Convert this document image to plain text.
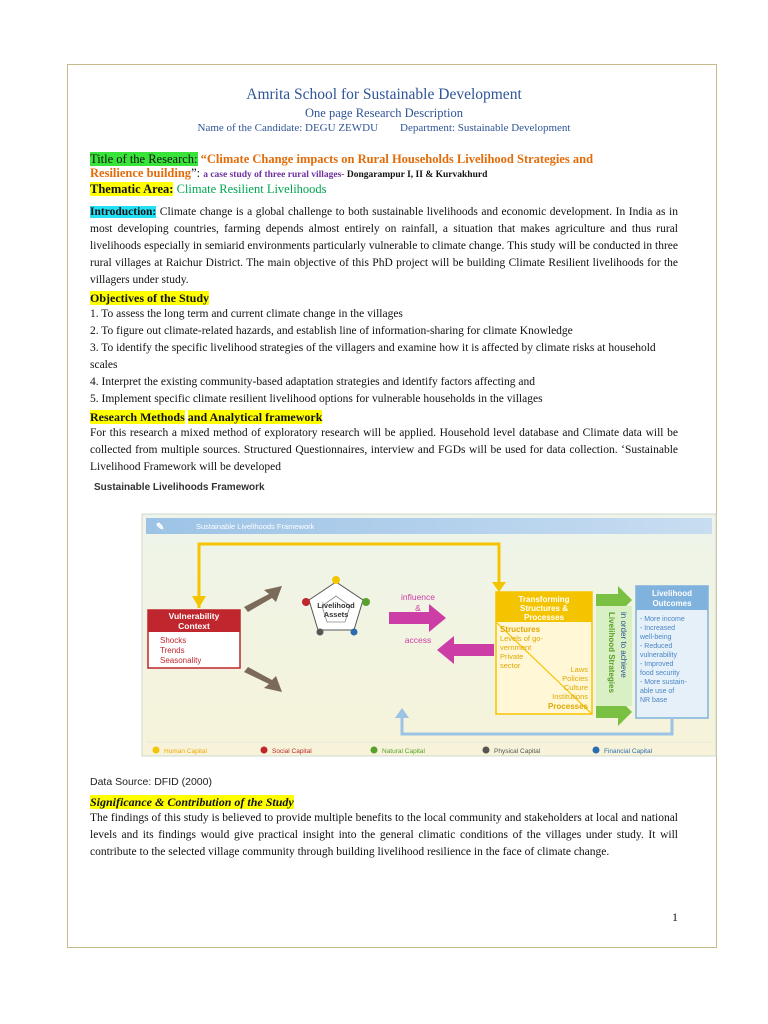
Amrita School for Sustainable Development
One page Research Description
Name of the Candidate: DEGU ZEWDU Department: Sustainable Development
Title of the Research: “Climate Change impacts on Rural Households Livelihood Strategies and
Resilience building”: a case study of three rural villages- Dongarampur I, II & Kurvakhurd
Thematic Area: Climate Resilient Livelihoods

Introduction: Climate change is a global challenge to both sustainable livelihoods and economic development. In India as in most developing countries, farming depends almost entirely on rainfall, a situation that makes agriculture and thus rural livelihoods especially in semiarid environments particularly vulnerable to climate change. This study will be conducted in three rural villages at Raichur District. The main objective of this PhD project will be building Climate Resilient livelihoods for the villagers under study.

Objectives of the Study
1. To assess the long term and current climate change in the villages
2. To figure out climate-related hazards, and establish line of information-sharing for climate Knowledge
3. To identify the specific livelihood strategies of the villagers and examine how it is affected by climate risks at household scales
4. Interpret the existing community-based adaptation strategies and identify factors affecting and
5. Implement specific climate resilient livelihood options for vulnerable households in the villages
Research Methods and Analytical framework

For this research a mixed method of exploratory research will be applied. Household level database and Climate data will be collected from multiple sources. Structured Questionnaires, interview and FGDs will be used for data collection. ‘Sustainable Livelihood Framework will be developed

Sustainable Livelihoods Framework
✎	Sustainable Livelihoods Framework
Vulnerability
Context
Shocks
Trends
Seasonality
Livelihood
Assets
influence
&
access
Transforming
Structures &
Processes
Structures
Levels of go-
vernment
Private
sector	Laws
Policies
Culture
Institutions
Processes
Livelihood Strategies in order to achieve
Livelihood
Outcomes
- More income
- Increased
well-being
- Reduced
vulnerability
- Improved
food security
- More sustain-
able use of
NR base
Human Capital	Social Capital	Natural Capital	Physical Capital	Financial Capital
Data Source: DFID (2000)
Significance & Contribution of the Study

The findings of this study is believed to provide multiple benefits to the local community and stakeholders at local and national levels and its findings would give practical insight into the general climatic conditions of the villages under study. It will contribute to the selected village community through building livelihood resilience in the face of climate change.

1
